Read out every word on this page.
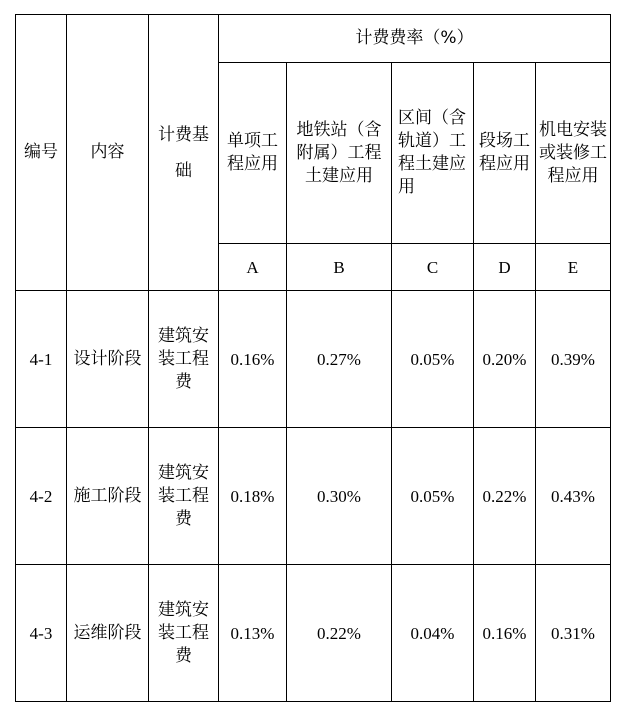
编号	内容	计费基础	计费费率（%）				
			单项工程应用	地铁站（含附属）工程土建应用	区间（含轨道）工程土建应用	段场工程应用	机电安装或装修工程应用
			A	B	C	D	E
4-1	设计阶段	建筑安装工程费	0.16%	0.27%	0.05%	0.20%	0.39%
4-2	施工阶段	建筑安装工程费	0.18%	0.30%	0.05%	0.22%	0.43%
4-3	运维阶段	建筑安装工程费	0.13%	0.22%	0.04%	0.16%	0.31%
